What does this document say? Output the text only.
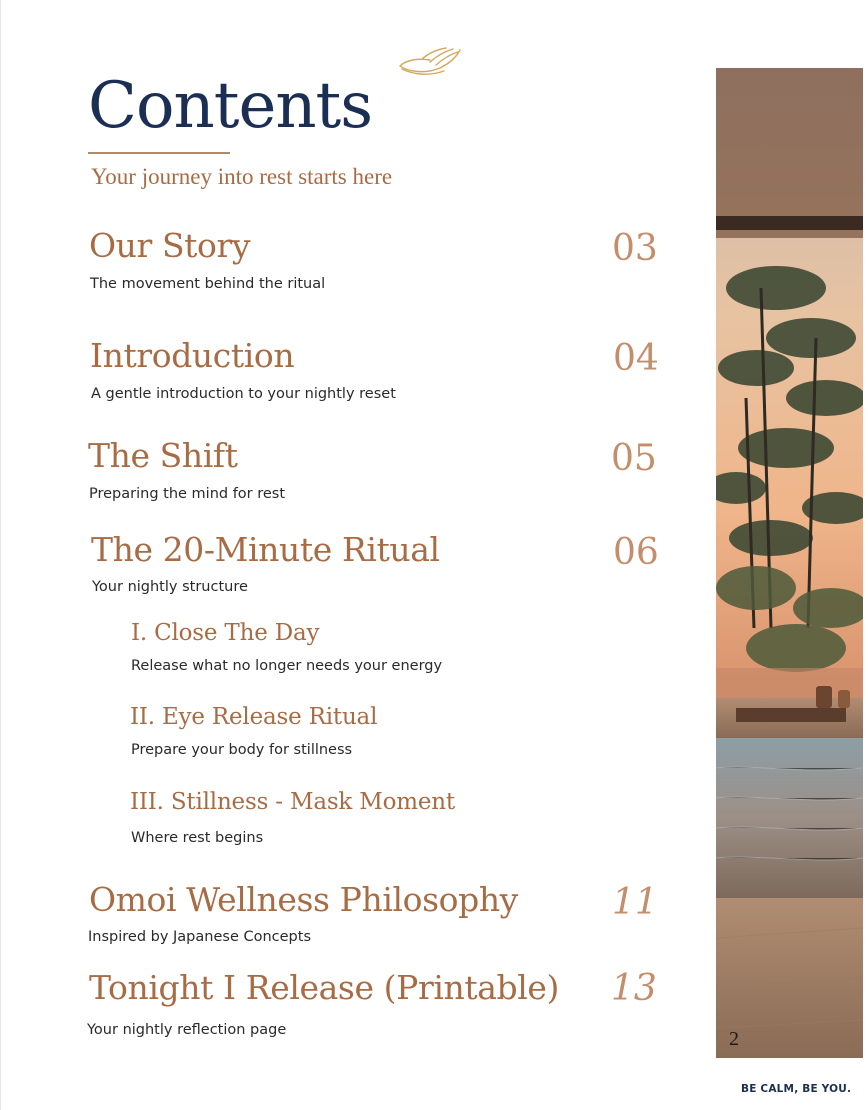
Contents

Your journey into rest starts here

Our Story

The movement behind the ritual

03

Introduction

A gentle introduction to your nightly reset

04

The Shift

Preparing the mind for rest

05

The 20-Minute Ritual

Your nightly structure

06

I. Close The Day

Release what no longer needs your energy

II. Eye Release Ritual

Prepare your body for stillness

III. Stillness - Mask Moment

Where rest begins

Omoi Wellness Philosophy

Inspired by Japanese Concepts

11

Tonight I Release (Printable)

Your nightly reflection page

13

2
BE CALM, BE YOU.
